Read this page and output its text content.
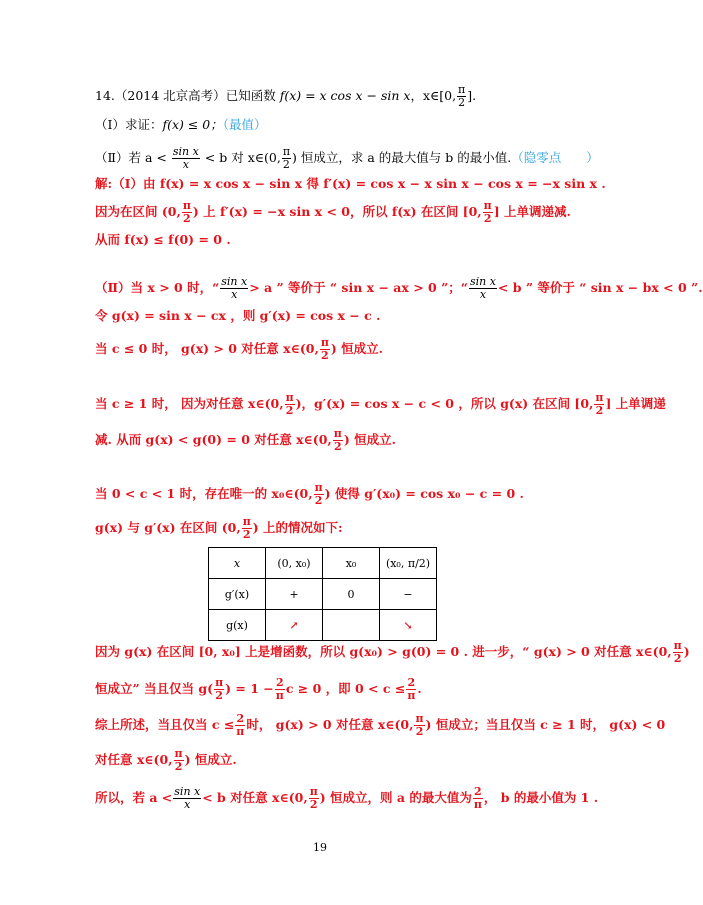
14.（2014 北京高考）已知函数 f(x) = x cos x − sin x，x∈[0, $\frac{\pi}{2}$ ].
（Ⅰ）求证：f(x) ≤ 0；（最值）
（Ⅱ）若 $a < \frac{\text{sin x}}{x} < b$ 对 x∈(0, $\frac{\pi}{2}$ ) 恒成立，求 a 的最大值与 b 的最小值.（隐零点　　）
解:（Ⅰ）由 f(x) = x cos x − sin x 得 f′(x) = cos x − x sin x − cos x = −x sin x .
因为在区间 (0, $\frac{\pi}{2}$ ) 上 f′(x) = −x sin x < 0，所以 f(x) 在区间 [0, $\frac{\pi}{2}$ ] 上单调递减.
从而 f(x) ≤ f(0) = 0 .
（Ⅱ）当 x > 0 时，“ $\frac{\text{sin x}}{x} > a$ ” 等价于 “ sin x − ax > 0 ”；“ $\frac{\text{sin x}}{x} < b$ ” 等价于 “ sin x − bx < 0 ”.
令 g(x) = sin x − cx ，则 g′(x) = cos x − c .
当 c ≤ 0 时， g(x) > 0 对任意 x∈(0, $\frac{\pi}{2}$ ) 恒成立.
当 c ≥ 1 时， 因为对任意 x∈(0, $\frac{\pi}{2}$ )，g′(x) = cos x − c < 0 ，所以 g(x) 在区间 [0, $\frac{\pi}{2}$ ] 上单调递
减. 从而 g(x) < g(0) = 0 对任意 x∈(0, $\frac{\pi}{2}$ ) 恒成立.
当 0 < c < 1 时，存在唯一的 x₀∈(0, $\frac{\pi}{2}$ ) 使得 g′(x₀) = cos x₀ − c = 0 .
g(x) 与 g′(x) 在区间 (0, $\frac{\pi}{2}$ ) 上的情况如下:
x	(0, x₀)	x₀	(x₀, π/2)
g′(x)	+	0	−
g(x)	↗		↘
因为 g(x) 在区间 [0, x₀] 上是增函数，所以 g(x₀) > g(0) = 0 . 进一步，“ g(x) > 0 对任意 x∈(0, $\frac{\pi}{2}$ )
恒成立” 当且仅当 $g( \frac{\pi}{2}$ ) = $1 - \frac{2}{\pi}$ c ≥ 0 ，即 $0 < c \le \frac{2}{\pi}$ .
综上所述，当且仅当 $c \le \frac{2}{\pi}$ 时， g(x) > 0 对任意 x∈(0, $\frac{\pi}{2}$ ) 恒成立；当且仅当 c ≥ 1 时， g(x) < 0
对任意 x∈(0, $\frac{\pi}{2}$ ) 恒成立.
所以，若 $a < \frac{\text{sin x}}{x} < b$ 对任意 x∈(0, $\frac{\pi}{2}$ ) 恒成立，则 a 的最大值为 $\frac{2}{\pi}$ ， b 的最小值为 1 .
19
